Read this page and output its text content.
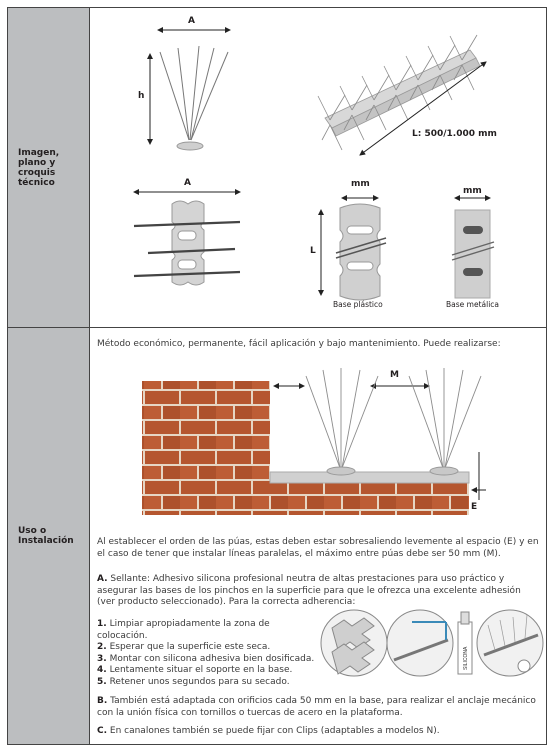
Imagen,
plano y
croquis
técnico
Uso o
Instalación
SILICONA
A
h
L: 500/1.000 mm
A	mm
L
mm
Base plástico	Base metálica
M
E
Método económico, permanente, fácil aplicación y bajo mantenimiento. Puede realizarse:
Al establecer el orden de las púas, estas deben estar sobresaliendo levemente al espacio (E) y en el caso de tener que instalar líneas paralelas, el máximo entre púas debe ser 50 mm (M).
A. Sellante: Adhesivo silicona profesional neutra de altas prestaciones para uso práctico y asegurar las bases de los pinchos en la superficie para que le ofrezca una excelente adhesión (ver producto seleccionado). Para la correcta adherencia:
1. Limpiar apropiadamente la zona de colocación.
2. Esperar que la superficie este seca.
3. Montar con silicona adhesiva bien dosificada.
4. Lentamente situar el soporte en la base.
5. Retener unos segundos para su secado.
B. También está adaptada con orificios cada 50 mm en la base, para realizar el anclaje mecánico con la unión física con tornillos o tuercas de acero en la plataforma.
C. En canalones también se puede fijar con Clips (adaptables a modelos N).
